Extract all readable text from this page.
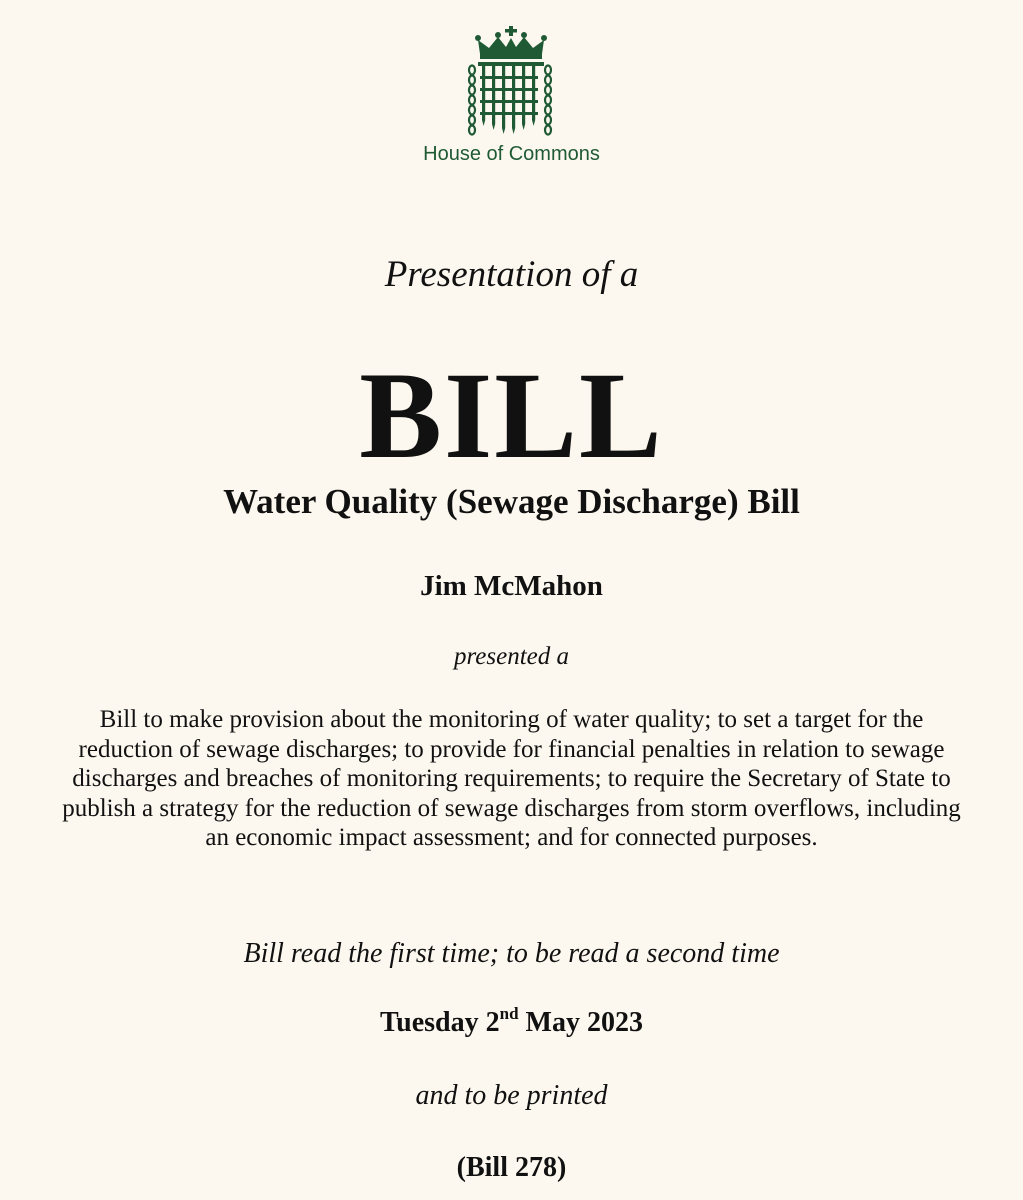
House of Commons

Presentation of a

BILL

Water Quality (Sewage Discharge) Bill

Jim McMahon

presented a

Bill to make provision about the monitoring of water quality; to set a target for the reduction of sewage discharges; to provide for financial penalties in relation to sewage discharges and breaches of monitoring requirements; to require the Secretary of State to publish a strategy for the reduction of sewage discharges from storm overflows, including an economic impact assessment; and for connected purposes.

Bill read the first time; to be read a second time

Tuesday 2nd May 2023

and to be printed

(Bill 278)
